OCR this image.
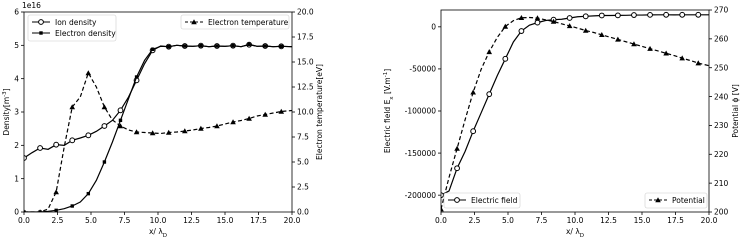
0.0	2.5	5.0	7.5	10.0 12.5 15.0 17.5 20.0
x/ $\lambda_D$
0
1
2
3
4
5
6
1e16
0.0
2.5
5.0
7.5
10.0
12.5
15.0
17.5
20.0
$Density[m^{-3}]$	Electron temperature[eV]
Ion density
Electron density
Electron temperature
0.0	2.5	5.0	7.5	10.0 12.5 15.0 17.5 20.0
x/ $\lambda_D$
-200000
-150000
-100000
-50000
0
200
210
220
230
240
250
260
270
Electric field $E_x$ $[V.m^{-1}]$
Potential ϕ [V]
Electric field	Potential
